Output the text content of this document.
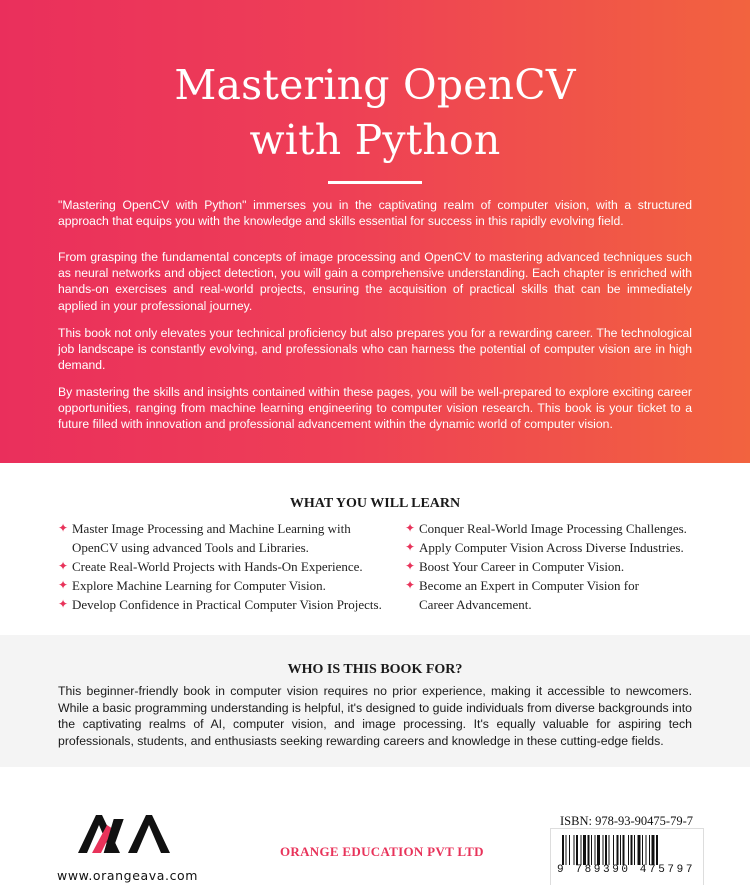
Mastering OpenCV
with Python

"Mastering OpenCV with Python" immerses you in the captivating realm of computer vision, with a structured approach that equips you with the knowledge and skills essential for success in this rapidly evolving field.

From grasping the fundamental concepts of image processing and OpenCV to mastering advanced techniques such as neural networks and object detection, you will gain a comprehensive understanding. Each chapter is enriched with hands-on exercises and real-world projects, ensuring the acquisition of practical skills that can be immediately applied in your professional journey.

This book not only elevates your technical proficiency but also prepares you for a rewarding career. The technological job landscape is constantly evolving, and professionals who can harness the potential of computer vision are in high demand.

By mastering the skills and insights contained within these pages, you will be well-prepared to explore exciting career opportunities, ranging from machine learning engineering to computer vision research. This book is your ticket to a future filled with innovation and professional advancement within the dynamic world of computer vision.

WHAT YOU WILL LEARN
✦ Master Image Processing and Machine Learning with
OpenCV using advanced Tools and Libraries.
✦ Create Real-World Projects with Hands-On Experience.
✦ Explore Machine Learning for Computer Vision.
✦ Develop Confidence in Practical Computer Vision Projects.
✦ Conquer Real-World Image Processing Challenges.
✦ Apply Computer Vision Across Diverse Industries.
✦ Boost Your Career in Computer Vision.
✦ Become an Expert in Computer Vision for
Career Advancement.
WHO IS THIS BOOK FOR?

This beginner-friendly book in computer vision requires no prior experience, making it accessible to newcomers. While a basic programming understanding is helpful, it's designed to guide individuals from diverse backgrounds into the captivating realms of AI, computer vision, and image processing. It's equally valuable for aspiring tech professionals, students, and enthusiasts seeking rewarding careers and knowledge in these cutting-edge fields.

www.orangeava.com
ORANGE EDUCATION PVT LTD
ISBN: 978-93-90475-79-7
9 789390 475797
